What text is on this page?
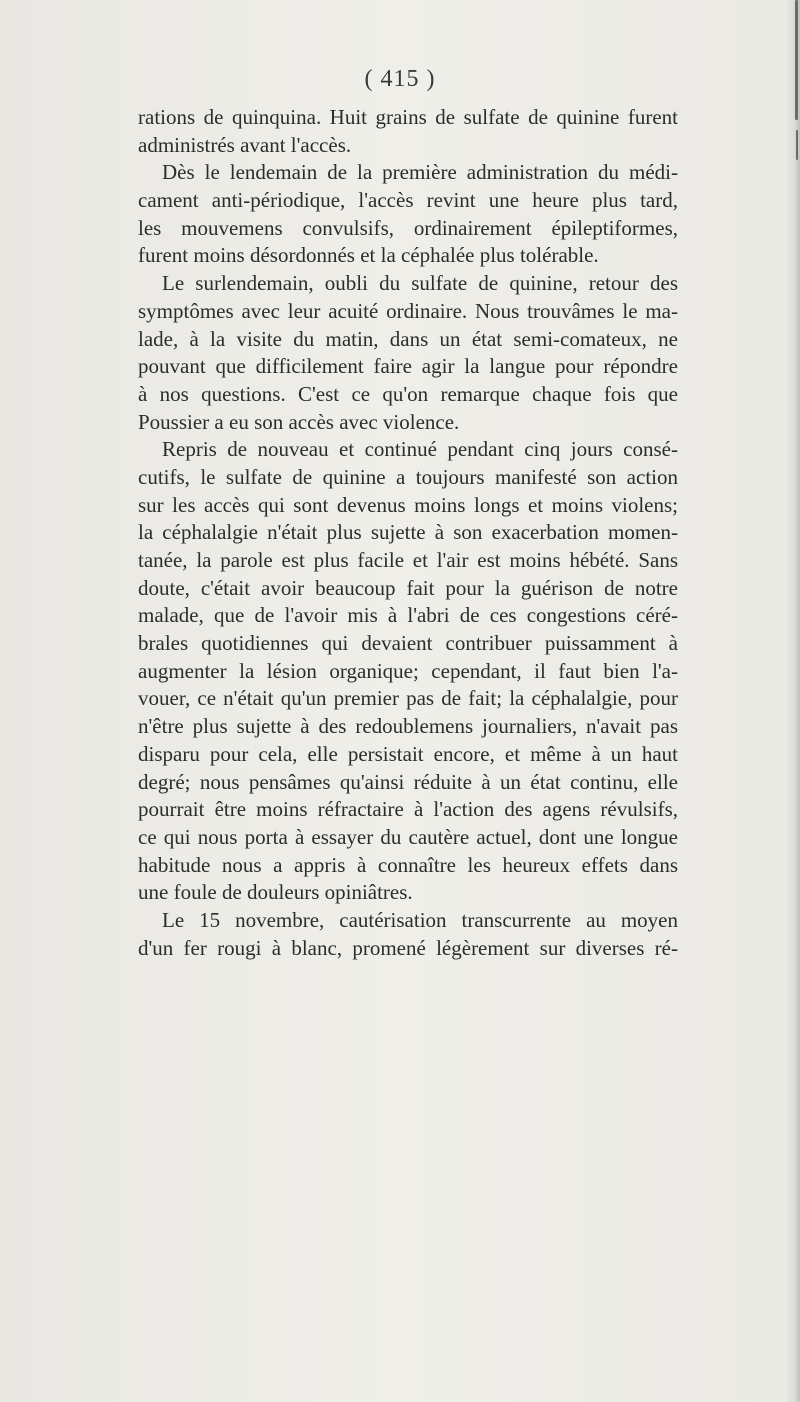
( 415 )
rations de quinquina. Huit grains de sulfate de quinine furent
administrés avant l'accès.
Dès le lendemain de la première administration du médi-
cament anti-périodique, l'accès revint une heure plus tard,
les mouvemens convulsifs, ordinairement épileptiformes,
furent moins désordonnés et la céphalée plus tolérable.
Le surlendemain, oubli du sulfate de quinine, retour des
symptômes avec leur acuité ordinaire. Nous trouvâmes le ma-
lade, à la visite du matin, dans un état semi-comateux, ne
pouvant que difficilement faire agir la langue pour répondre
à nos questions. C'est ce qu'on remarque chaque fois que
Poussier a eu son accès avec violence.
Repris de nouveau et continué pendant cinq jours consé-
cutifs, le sulfate de quinine a toujours manifesté son action
sur les accès qui sont devenus moins longs et moins violens;
la céphalalgie n'était plus sujette à son exacerbation momen-
tanée, la parole est plus facile et l'air est moins hébété. Sans
doute, c'était avoir beaucoup fait pour la guérison de notre
malade, que de l'avoir mis à l'abri de ces congestions céré-
brales quotidiennes qui devaient contribuer puissamment à
augmenter la lésion organique; cependant, il faut bien l'a-
vouer, ce n'était qu'un premier pas de fait; la céphalalgie, pour
n'être plus sujette à des redoublemens journaliers, n'avait pas
disparu pour cela, elle persistait encore, et même à un haut
degré; nous pensâmes qu'ainsi réduite à un état continu, elle
pourrait être moins réfractaire à l'action des agens révulsifs,
ce qui nous porta à essayer du cautère actuel, dont une longue
habitude nous a appris à connaître les heureux effets dans
une foule de douleurs opiniâtres.
Le 15 novembre, cautérisation transcurrente au moyen
d'un fer rougi à blanc, promené légèrement sur diverses ré-
